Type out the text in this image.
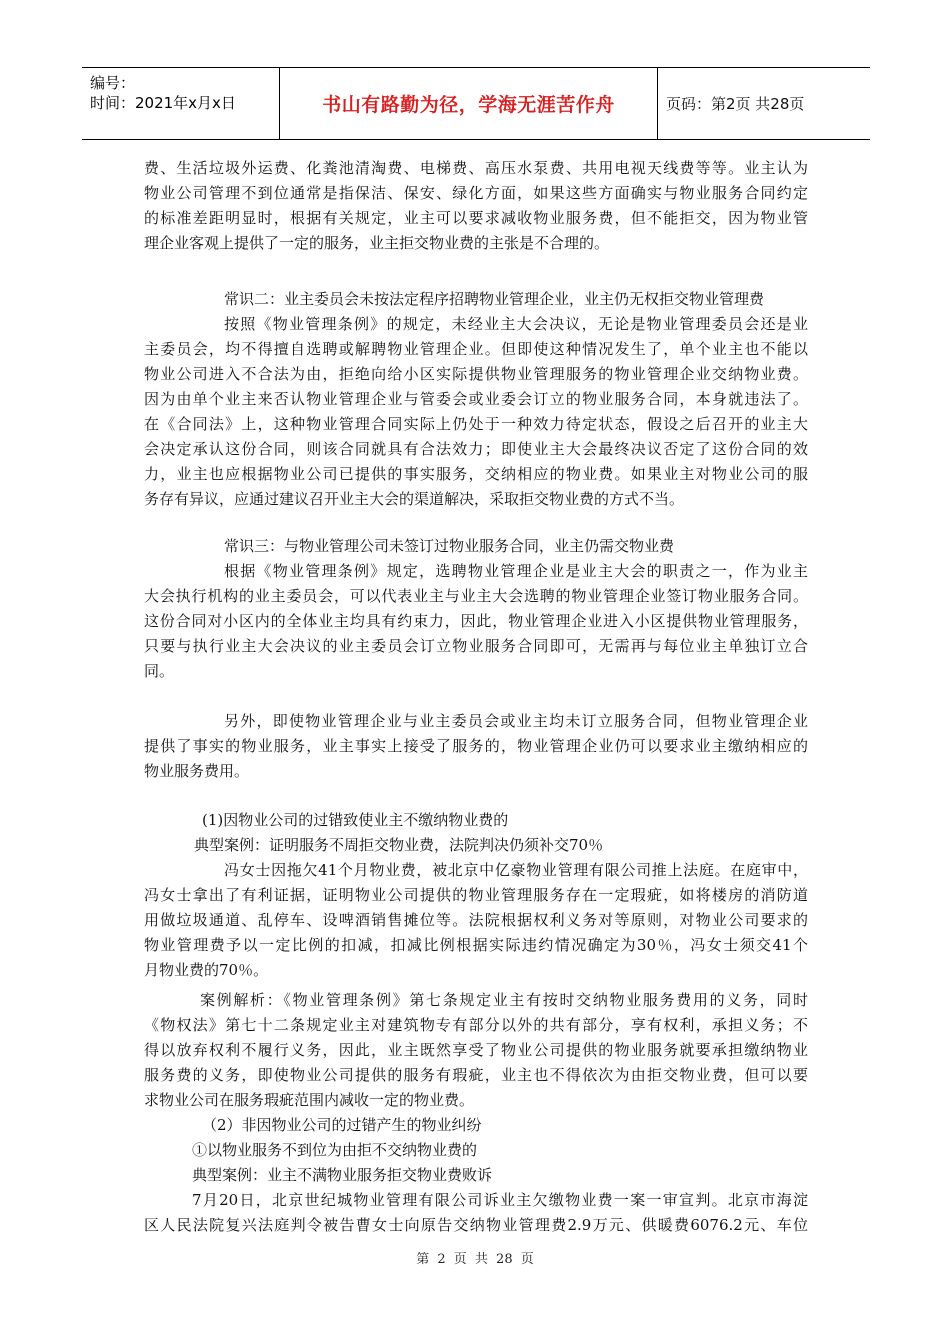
编号：
时间：2021年x月x日	书山有路勤为径，学海无涯苦作舟	页码：第2页 共28页
费、生活垃圾外运费、化粪池清淘费、电梯费、高压水泵费、共用电视天线费等等。业主认为
物业公司管理不到位通常是指保洁、保安、绿化方面，如果这些方面确实与物业服务合同约定
的标准差距明显时，根据有关规定，业主可以要求减收物业服务费，但不能拒交，因为物业管
理企业客观上提供了一定的服务，业主拒交物业费的主张是不合理的。
常识二：业主委员会未按法定程序招聘物业管理企业，业主仍无权拒交物业管理费
按照《物业管理条例》的规定，未经业主大会决议，无论是物业管理委员会还是业
主委员会，均不得擅自选聘或解聘物业管理企业。但即使这种情况发生了，单个业主也不能以
物业公司进入不合法为由，拒绝向给小区实际提供物业管理服务的物业管理企业交纳物业费。
因为由单个业主来否认物业管理企业与管委会或业委会订立的物业服务合同，本身就违法了。
在《合同法》上，这种物业管理合同实际上仍处于一种效力待定状态，假设之后召开的业主大
会决定承认这份合同，则该合同就具有合法效力；即使业主大会最终决议否定了这份合同的效
力，业主也应根据物业公司已提供的事实服务，交纳相应的物业费。如果业主对物业公司的服
务存有异议，应通过建议召开业主大会的渠道解决，采取拒交物业费的方式不当。
常识三：与物业管理公司未签订过物业服务合同，业主仍需交物业费
根据《物业管理条例》规定，选聘物业管理企业是业主大会的职责之一，作为业主
大会执行机构的业主委员会，可以代表业主与业主大会选聘的物业管理企业签订物业服务合同。
这份合同对小区内的全体业主均具有约束力，因此，物业管理企业进入小区提供物业管理服务，
只要与执行业主大会决议的业主委员会订立物业服务合同即可，无需再与每位业主单独订立合
同。
另外，即使物业管理企业与业主委员会或业主均未订立服务合同，但物业管理企业
提供了事实的物业服务，业主事实上接受了服务的，物业管理企业仍可以要求业主缴纳相应的
物业服务费用。
(1)因物业公司的过错致使业主不缴纳物业费的
典型案例：证明服务不周拒交物业费，法院判决仍须补交70％
冯女士因拖欠41个月物业费，被北京中亿豪物业管理有限公司推上法庭。在庭审中，
冯女士拿出了有利证据，证明物业公司提供的物业管理服务存在一定瑕疵，如将楼房的消防道
用做垃圾通道、乱停车、设啤酒销售摊位等。法院根据权利义务对等原则，对物业公司要求的
物业管理费予以一定比例的扣减，扣减比例根据实际违约情况确定为30％，冯女士须交41个
月物业费的70％。
案例解析：《物业管理条例》第七条规定业主有按时交纳物业服务费用的义务，同时
《物权法》第七十二条规定业主对建筑物专有部分以外的共有部分，享有权利，承担义务；不
得以放弃权利不履行义务，因此，业主既然享受了物业公司提供的物业服务就要承担缴纳物业
服务费的义务，即使物业公司提供的服务有瑕疵，业主也不得依次为由拒交物业费，但可以要
求物业公司在服务瑕疵范围内减收一定的物业费。
（2）非因物业公司的过错产生的物业纠纷
①以物业服务不到位为由拒不交纳物业费的
典型案例：业主不满物业服务拒交物业费败诉
7月20日，北京世纪城物业管理有限公司诉业主欠缴物业费一案一审宣判。北京市海淀
区人民法院复兴法庭判令被告曹女士向原告交纳物业管理费2.9万元、供暖费6076.2元、车位
第 2 页 共 28 页
